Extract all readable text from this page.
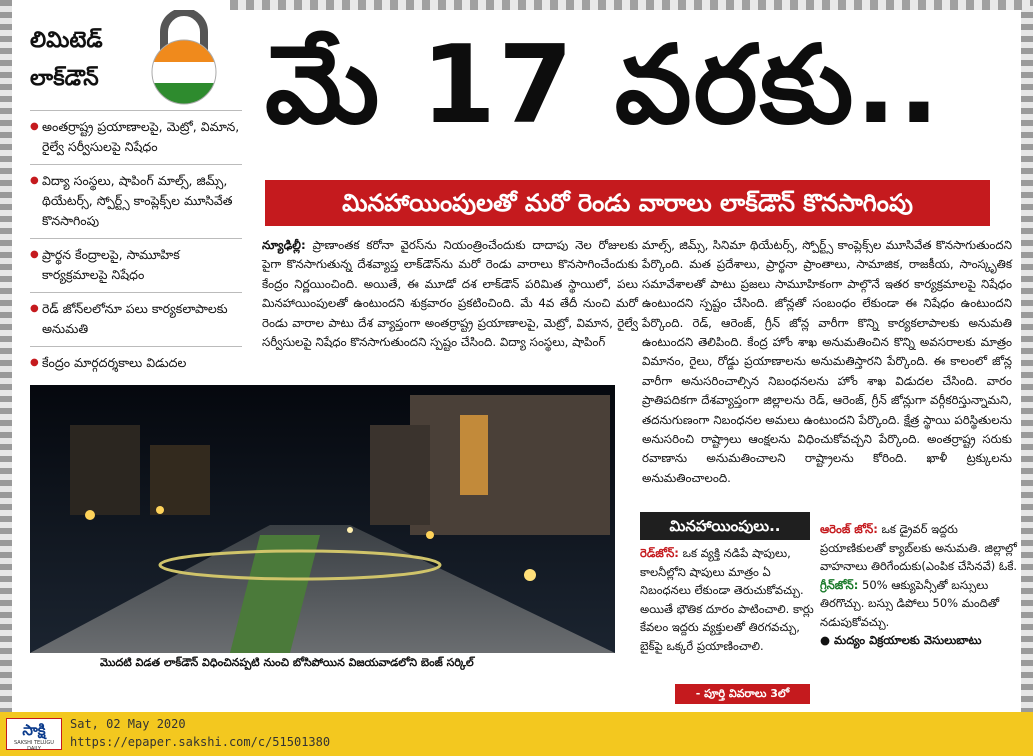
లిమిటెడ్
లాక్‌డౌన్	మే 17 వరకు..
మినహాయింపులతో మరో రెండు వారాలు లాక్‌డౌన్ కొనసాగింపు
● అంతర్రాష్ట్ర ప్రయాణాలపై, మెట్రో, విమాన, రైల్వే సర్వీసులపై నిషేధం
● విద్యా సంస్థలు, షాపింగ్ మాల్స్, జిమ్స్, థియేటర్స్, స్పోర్ట్స్ కాంప్లెక్స్‌ల మూసివేత కొనసాగింపు
● ప్రార్థన కేంద్రాలపై, సామూహిక కార్యక్రమాలపై నిషేధం
● రెడ్ జోన్‌లలోనూ పలు కార్యకలాపాలకు అనుమతి
● కేంద్రం మార్గదర్శకాలు విడుదల
న్యూఢిల్లీ: ప్రాణాంతక కరోనా వైరస్‌ను నియంత్రించేందుకు దాదాపు నెల రోజులకు పైగా కొనసాగుతున్న దేశవ్యాప్త లాక్‌డౌన్‌ను మరో రెండు వారాలు కొనసాగించేందుకు కేంద్రం నిర్ణయించింది. అయితే, ఈ మూడో దశ లాక్‌డౌన్ పరిమిత స్థాయిలో, పలు మినహాయింపులతో ఉంటుందని శుక్రవారం ప్రకటించింది. మే 4వ తేదీ నుంచి మరో రెండు వారాల పాటు దేశ వ్యాప్తంగా అంతర్రాష్ట్ర ప్రయాణాలపై, మెట్రో, విమాన, రైల్వే సర్వీసులపై నిషేధం కొనసాగుతుందని స్పష్టం చేసింది. విద్యా సంస్థలు, షాపింగ్
మాల్స్, జిమ్స్, సినిమా థియేటర్స్, స్పోర్ట్స్ కాంప్లెక్స్‌ల మూసివేత కొనసాగుతుందని పేర్కొంది. మత ప్రదేశాలు, ప్రార్థనా ప్రాంతాలు, సామాజిక, రాజకీయ, సాంస్కృతిక సమావేశాలతో పాటు ప్రజలు సామూహికంగా పాల్గొనే ఇతర కార్యక్రమాలపై నిషేధం ఉంటుందని స్పష్టం చేసింది. జోన్లతో సంబంధం లేకుండా ఈ నిషేధం ఉంటుందని పేర్కొంది. రెడ్, ఆరెంజ్, గ్రీన్ జోన్ల వారీగా కొన్ని కార్యకలాపాలకు అనుమతి ఉంటుందని తెలిపింది. కేంద్ర హోం శాఖ అనుమతించిన కొన్ని అవసరాలకు మాత్రం విమానం, రైలు, రోడ్డు ప్రయాణాలను అనుమతిస్తారని పేర్కొంది. ఈ కాలంలో జోన్ల వారీగా అనుసరించాల్సిన నిబంధనలను హోం శాఖ విడుదల చేసింది. వారం ప్రాతిపదికగా దేశవ్యాప్తంగా జిల్లాలను రెడ్, ఆరెంజ్, గ్రీన్ జోన్లుగా వర్గీకరిస్తున్నామని, తదనుగుణంగా నిబంధనల అమలు ఉంటుందని పేర్కొంది. క్షేత్ర స్థాయి పరిస్థితులను అనుసరించి రాష్ట్రాలు ఆంక్షలను విధించుకోవచ్చని పేర్కొంది. అంతర్రాష్ట్ర సరుకు రవాణాను అనుమతించాలని రాష్ట్రాలను కోరింది. ఖాళీ ట్రక్కులను అనుమతించాలంది.
మొదటి విడత లాక్‌డౌన్ విధించినప్పటి నుంచి బోసిపోయిన విజయవాడలోని బెంజ్ సర్కిల్
మినహాయింపులు..
రెడ్‌జోన్: ఒక వ్యక్తి నడిపే షాపులు, కాలనీల్లోని షాపులు మాత్రం ఏ నిబంధనలు లేకుండా తెరుచుకోవచ్చు. అయితే భౌతిక దూరం పాటించాలి. కార్లు కేవలం ఇద్దరు వ్యక్తులతో తిరగవచ్చు, బైక్‌పై ఒక్కరే ప్రయాణించాలి.
ఆరెంజ్ జోన్: ఒక డ్రైవర్ ఇద్దరు ప్రయాణికులతో క్యాబ్‌లకు అనుమతి. జిల్లాల్లో వాహనాలు తిరిగేందుకు(ఎంపిక చేసినవే) ఓకే.
గ్రీన్‌జోన్: 50% ఆక్యుపెన్సీతో బస్సులు తిరగొచ్చు. బస్సు డిపోలు 50% మందితో నడుపుకోవచ్చు.
● మద్యం విక్రయాలకు వెసులుబాటు
- పూర్తి వివరాలు 3లో
సాక్షి
SAKSHI TELUGU DAILY
Sat, 02 May 2020
https://epaper.sakshi.com/c/51501380
